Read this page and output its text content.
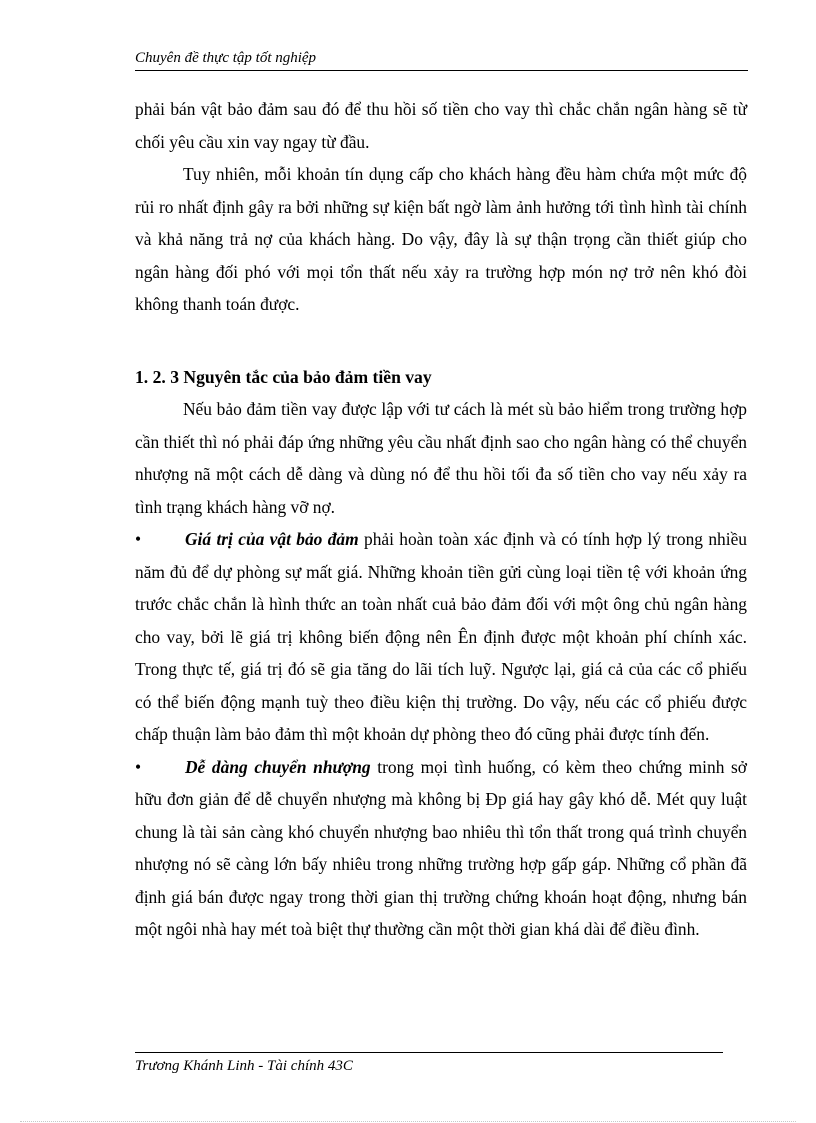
Chuyên đề thực tập tốt nghiệp

phải bán vật bảo đảm sau đó để thu hồi số tiền cho vay thì chắc chắn ngân hàng sẽ từ chối yêu cầu xin vay ngay từ đầu.

Tuy nhiên, mỗi khoản tín dụng cấp cho khách hàng đều hàm chứa một mức độ rủi ro nhất định gây ra bởi những sự kiện bất ngờ làm ảnh hưởng tới tình hình tài chính và khả năng trả nợ của khách hàng. Do vậy, đây là sự thận trọng cần thiết giúp cho ngân hàng đối phó với mọi tổn thất nếu xảy ra trường hợp món nợ trở nên khó đòi không thanh toán được.

1. 2. 3 Nguyên tắc của bảo đảm tiền vay

Nếu bảo đảm tiền vay được lập với tư cách là mét sù bảo hiểm trong trường hợp cần thiết thì nó phải đáp ứng những yêu cầu nhất định sao cho ngân hàng có thể chuyển nhượng nã một cách dễ dàng và dùng nó để thu hồi tối đa số tiền cho vay nếu xảy ra tình trạng khách hàng vỡ nợ.

•	Giá trị của vật bảo đảm phải hoàn toàn xác định và có tính hợp lý trong nhiều năm đủ để dự phòng sự mất giá. Những khoản tiền gửi cùng loại tiền tệ với khoản ứng trước chắc chắn là hình thức an toàn nhất cuả bảo đảm đối với một ông chủ ngân hàng cho vay, bởi lẽ giá trị không biến động nên Ên định được một khoản phí chính xác. Trong thực tế, giá trị đó sẽ gia tăng do lãi tích luỹ. Ngược lại, giá cả của các cổ phiếu có thể biến động mạnh tuỳ theo điều kiện thị trường. Do vậy, nếu các cổ phiếu được chấp thuận làm bảo đảm thì một khoản dự phòng theo đó cũng phải được tính đến.

•	Dễ dàng chuyển nhượng trong mọi tình huống, có kèm theo chứng minh sở hữu đơn giản để dễ chuyển nhượng mà không bị Đp giá hay gây khó dễ. Mét quy luật chung là tài sản càng khó chuyển nhượng bao nhiêu thì tổn thất trong quá trình chuyển nhượng nó sẽ càng lớn bấy nhiêu trong những trường hợp gấp gáp. Những cổ phần đã định giá bán được ngay trong thời gian thị trường chứng khoán hoạt động, nhưng bán một ngôi nhà hay mét toà biệt thự thường cần một thời gian khá dài để điều đình.

Trương Khánh Linh - Tài chính 43C
